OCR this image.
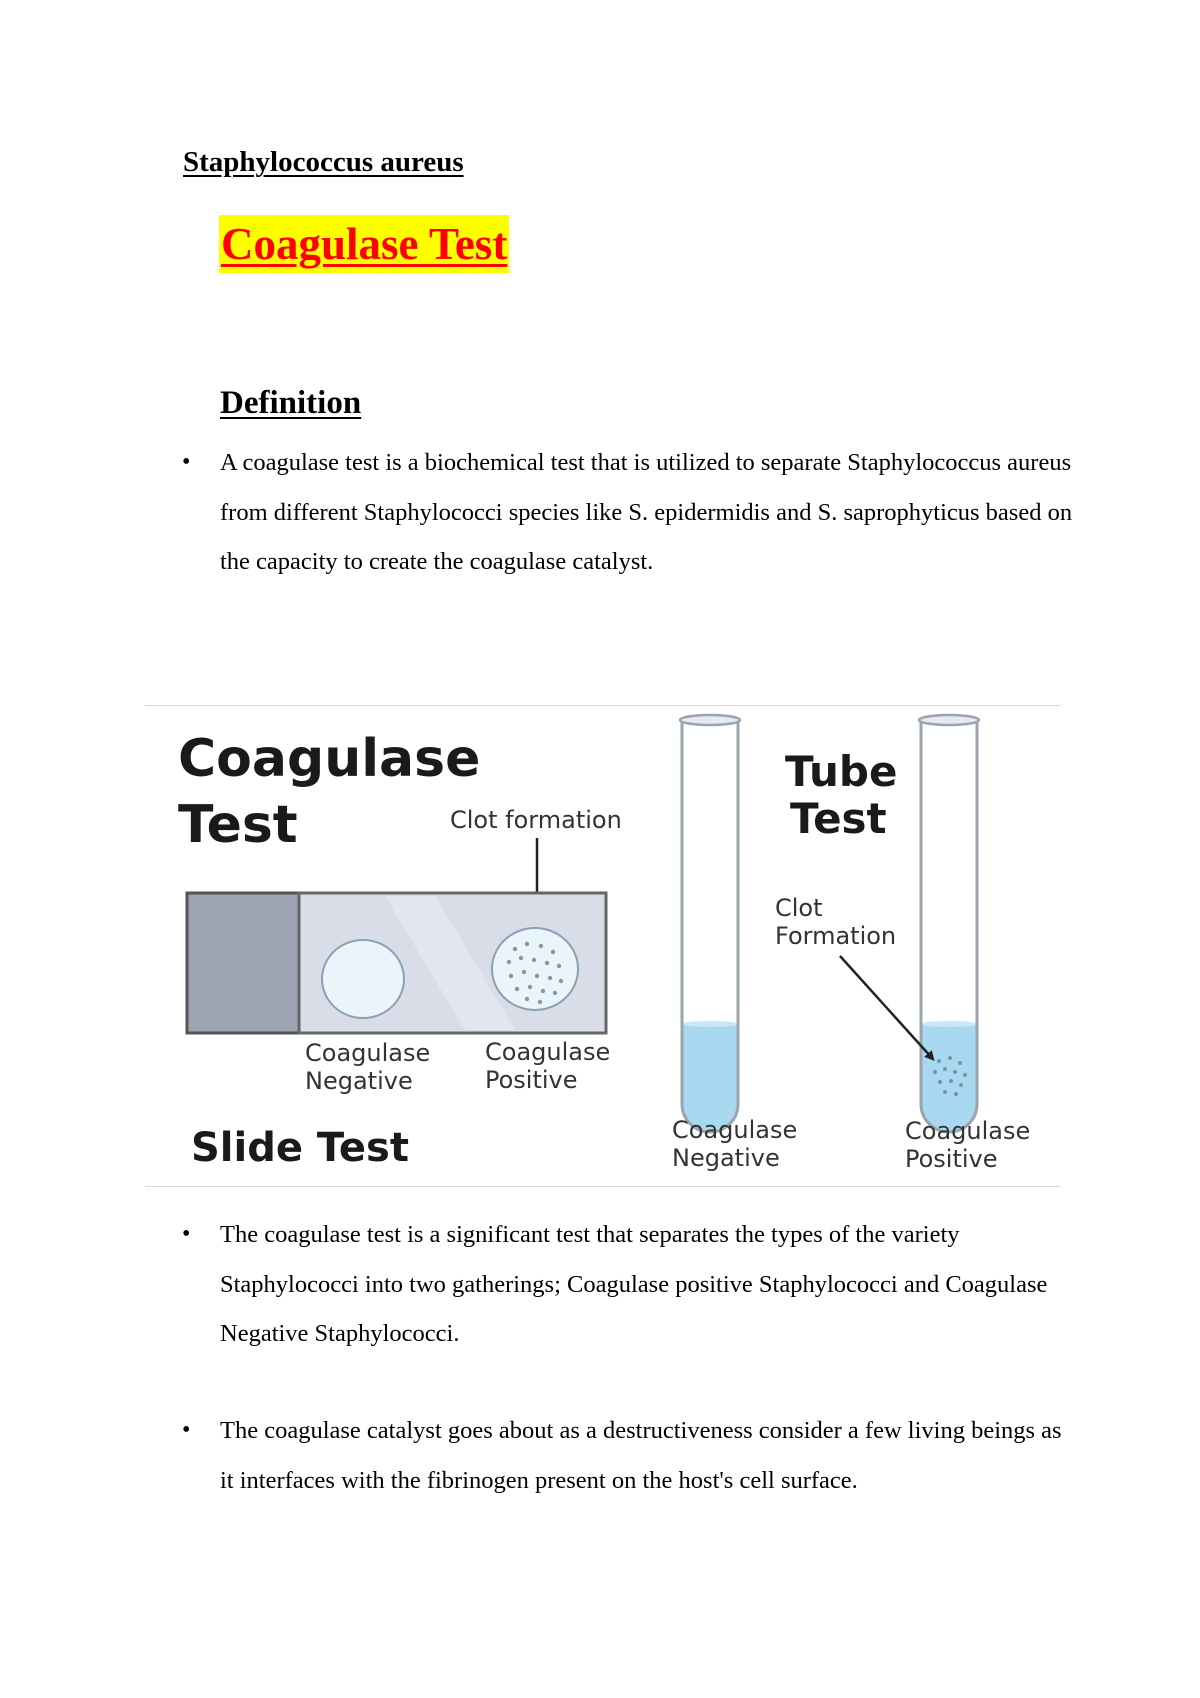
Staphylococcus aureus
Coagulase Test
Definition
• A coagulase test is a biochemical test that is utilized to separate Staphylococcus aureus from different Staphylococci species like S. epidermidis and S. saprophyticus based on the capacity to create the coagulase catalyst.
Coagulase
Test	Clot formation
Coagulase
Negative
Coagulase
Positive
Slide Test
Tube
Test
Clot
Formation
Coagulase
Negative
Coagulase
Positive
• The coagulase test is a significant test that separates the types of the variety Staphylococci into two gatherings; Coagulase positive Staphylococci and Coagulase Negative Staphylococci.
• The coagulase catalyst goes about as a destructiveness consider a few living beings as it interfaces with the fibrinogen present on the host's cell surface.
